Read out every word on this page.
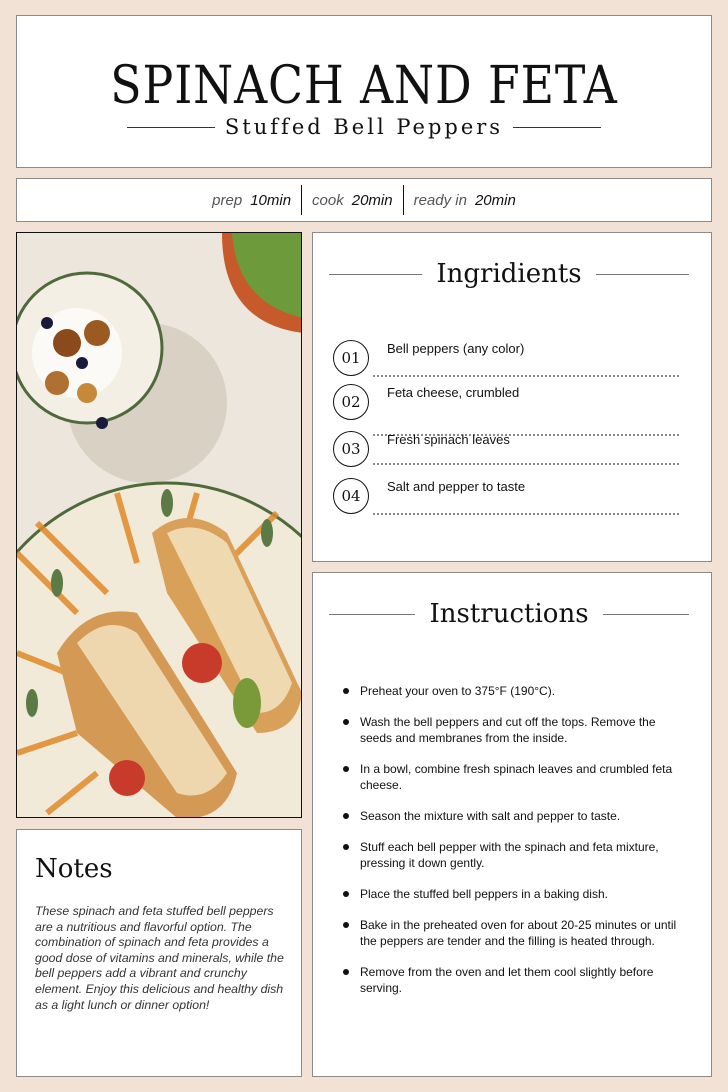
SPINACH AND FETA
Stuffed Bell Peppers
prep 10min cook 20min ready in 20min
Ingridients
01
Bell peppers (any color)
02
Feta cheese, crumbled
03
Fresh spinach leaves
04
Salt and pepper to taste
Instructions
Preheat your oven to 375°F (190°C).
Wash the bell peppers and cut off the tops. Remove the seeds and membranes from the inside.
In a bowl, combine fresh spinach leaves and crumbled feta cheese.
Season the mixture with salt and pepper to taste.
Stuff each bell pepper with the spinach and feta mixture, pressing it down gently.
Place the stuffed bell peppers in a baking dish.
Bake in the preheated oven for about 20-25 minutes or until the peppers are tender and the filling is heated through.
Remove from the oven and let them cool slightly before serving.
Notes

These spinach and feta stuffed bell peppers are a nutritious and flavorful option. The combination of spinach and feta provides a good dose of vitamins and minerals, while the bell peppers add a vibrant and crunchy element. Enjoy this delicious and healthy dish as a light lunch or dinner option!
